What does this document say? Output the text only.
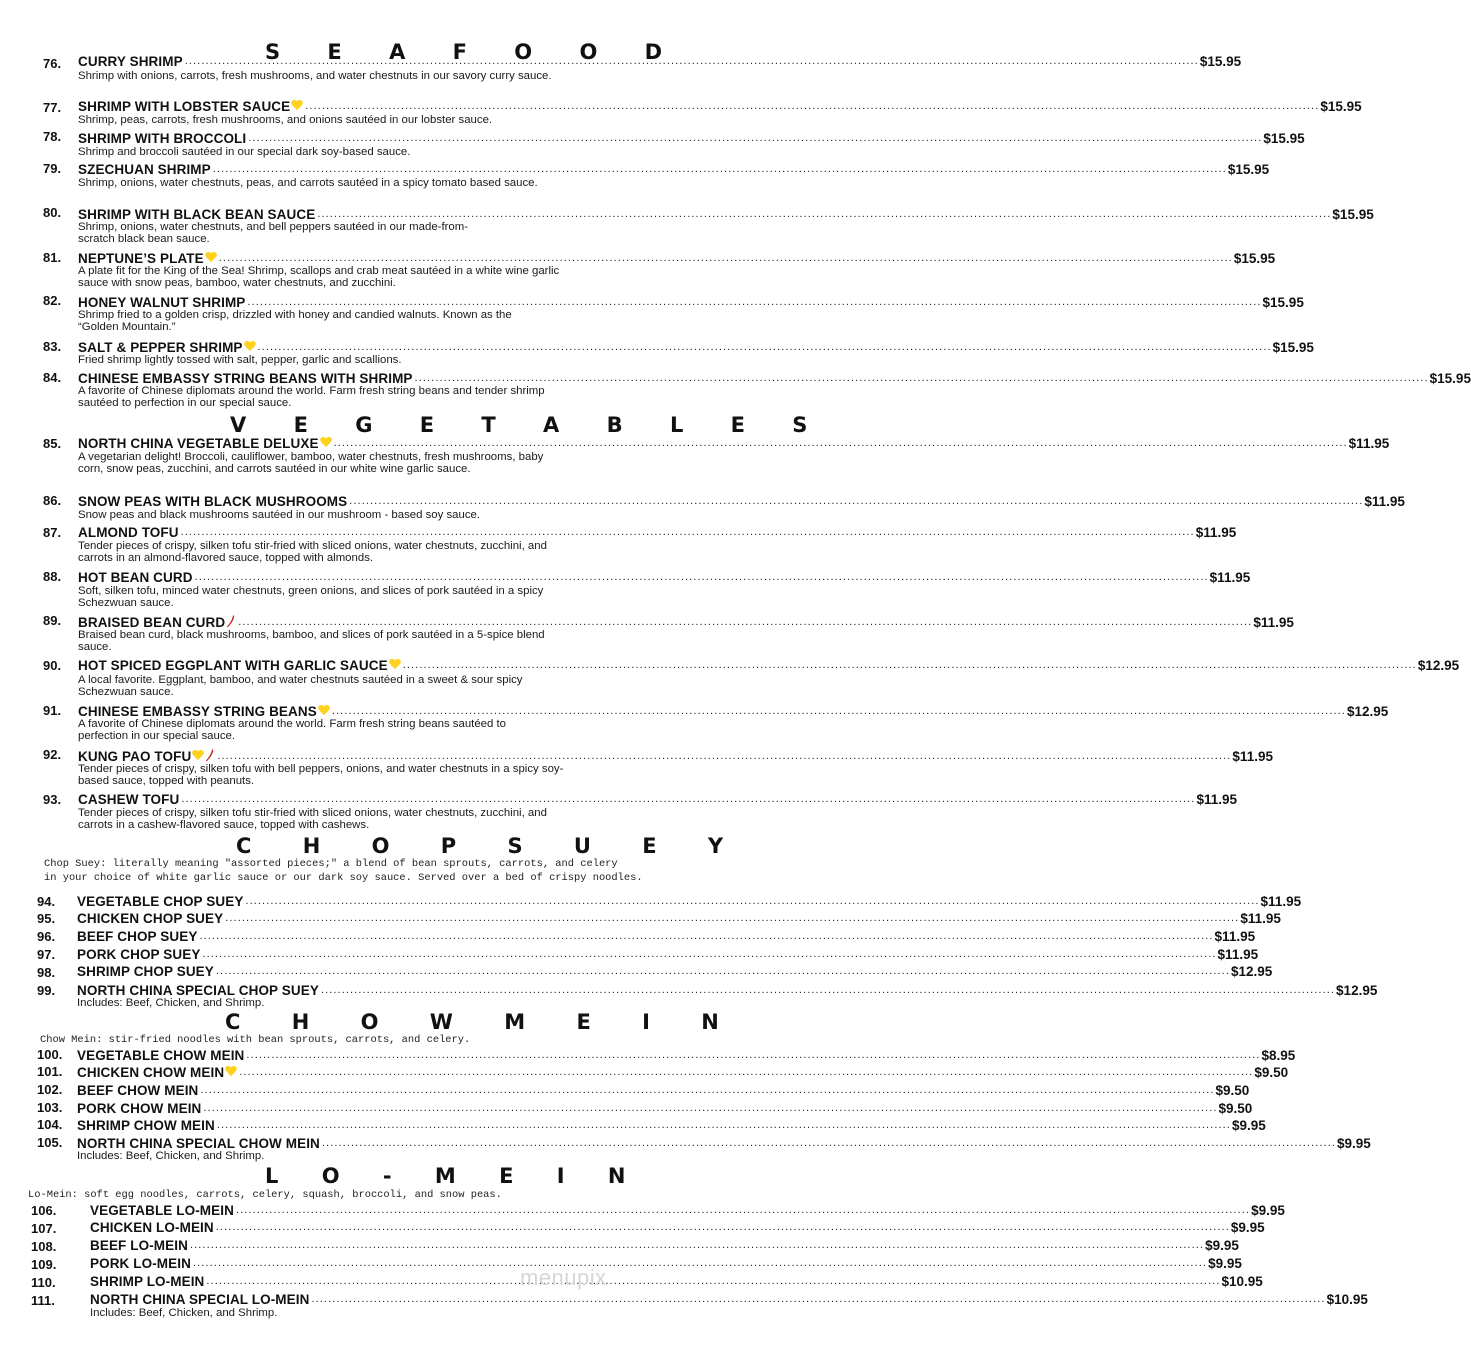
S E A F O O D
76. CURRY SHRIMP .....	$15.95
Shrimp with onions, carrots, fresh mushrooms, and water chestnuts in our savory curry sauce.
77. SHRIMP WITH LOBSTER SAUCE .....	$15.95
Shrimp, peas, carrots, fresh mushrooms, and onions sautéed in our lobster sauce.
78. SHRIMP WITH BROCCOLI .....	$15.95
Shrimp and broccoli sautéed in our special dark soy-based sauce.
79. SZECHUAN SHRIMP .....	$15.95
Shrimp, onions, water chestnuts, peas, and carrots sautéed in a spicy tomato based sauce.
80. SHRIMP WITH BLACK BEAN SAUCE .....	$15.95
Shrimp, onions, water chestnuts, and bell peppers sautéed in our made-from-scratch black bean sauce.
81. NEPTUNE’S PLATE .....	$15.95
A plate fit for the King of the Sea! Shrimp, scallops and crab meat sautéed in a white wine garlic sauce with snow peas, bamboo, water chestnuts, and zucchini.
82. HONEY WALNUT SHRIMP .....	$15.95
Shrimp fried to a golden crisp, drizzled with honey and candied walnuts. Known as the “Golden Mountain.”
83. SALT & PEPPER SHRIMP .....	$15.95
Fried shrimp lightly tossed with salt, pepper, garlic and scallions.
84. CHINESE EMBASSY STRING BEANS WITH SHRIMP .....	$15.95
A favorite of Chinese diplomats around the world. Farm fresh string beans and tender shrimp sautéed to perfection in our special sauce.
V E G E T A B L E S
85. NORTH CHINA VEGETABLE DELUXE .....	$11.95
A vegetarian delight! Broccoli, cauliflower, bamboo, water chestnuts, fresh mushrooms, baby corn, snow peas, zucchini, and carrots sautéed in our white wine garlic sauce.
86. SNOW PEAS WITH BLACK MUSHROOMS .....	$11.95
Snow peas and black mushrooms sautéed in our mushroom - based soy sauce.
87. ALMOND TOFU .....	$11.95
Tender pieces of crispy, silken tofu stir-fried with sliced onions, water chestnuts, zucchini, and carrots in an almond-flavored sauce, topped with almonds.
88. HOT BEAN CURD .....	$11.95
Soft, silken tofu, minced water chestnuts, green onions, and slices of pork sautéed in a spicy Schezwuan sauce.
89. BRAISED BEAN CURD .....	$11.95
Braised bean curd, black mushrooms, bamboo, and slices of pork sautéed in a 5-spice blend sauce.
90. HOT SPICED EGGPLANT WITH GARLIC SAUCE .....	$12.95
A local favorite. Eggplant, bamboo, and water chestnuts sautéed in a sweet & sour spicy Schezwuan sauce.
91. CHINESE EMBASSY STRING BEANS .....	$12.95
A favorite of Chinese diplomats around the world. Farm fresh string beans sautéed to perfection in our special sauce.
92. KUNG PAO TOFU .....	$11.95
Tender pieces of crispy, silken tofu with bell peppers, onions, and water chestnuts in a spicy soy-based sauce, topped with peanuts.
93. CASHEW TOFU .....	$11.95
Tender pieces of crispy, silken tofu stir-fried with sliced onions, water chestnuts, zucchini, and carrots in a cashew-flavored sauce, topped with cashews.
C H O P S U E Y
Chop Suey: literally meaning "assorted pieces;" a blend of bean sprouts, carrots, and celery
in your choice of white garlic sauce or our dark soy sauce. Served over a bed of crispy noodles.
94. VEGETABLE CHOP SUEY .....	$11.95
95. CHICKEN CHOP SUEY .....	$11.95
96. BEEF CHOP SUEY .....	$11.95
97. PORK CHOP SUEY .....	$11.95
98. SHRIMP CHOP SUEY .....	$12.95
99. NORTH CHINA SPECIAL CHOP SUEY .....	$12.95
Includes: Beef, Chicken, and Shrimp.
C H O W M E I N
Chow Mein: stir-fried noodles with bean sprouts, carrots, and celery.
100. VEGETABLE CHOW MEIN .....	$8.95
101. CHICKEN CHOW MEIN .....	$9.50
102. BEEF CHOW MEIN .....	$9.50
103. PORK CHOW MEIN .....	$9.50
104. SHRIMP CHOW MEIN .....	$9.95
105. NORTH CHINA SPECIAL CHOW MEIN .....	$9.95
Includes: Beef, Chicken, and Shrimp.
L O - M E I N
Lo-Mein: soft egg noodles, carrots, celery, squash, broccoli, and snow peas.
106. VEGETABLE LO-MEIN .....	$9.95
107. CHICKEN LO-MEIN .....	$9.95
108. BEEF LO-MEIN .....	$9.95
109. PORK LO-MEIN .....	$9.95
110.	SHRIMP LO-MEIN .....	$10.95
111.	NORTH CHINA SPECIAL LO-MEIN .....	$10.95
Includes: Beef, Chicken, and Shrimp.
menupix
